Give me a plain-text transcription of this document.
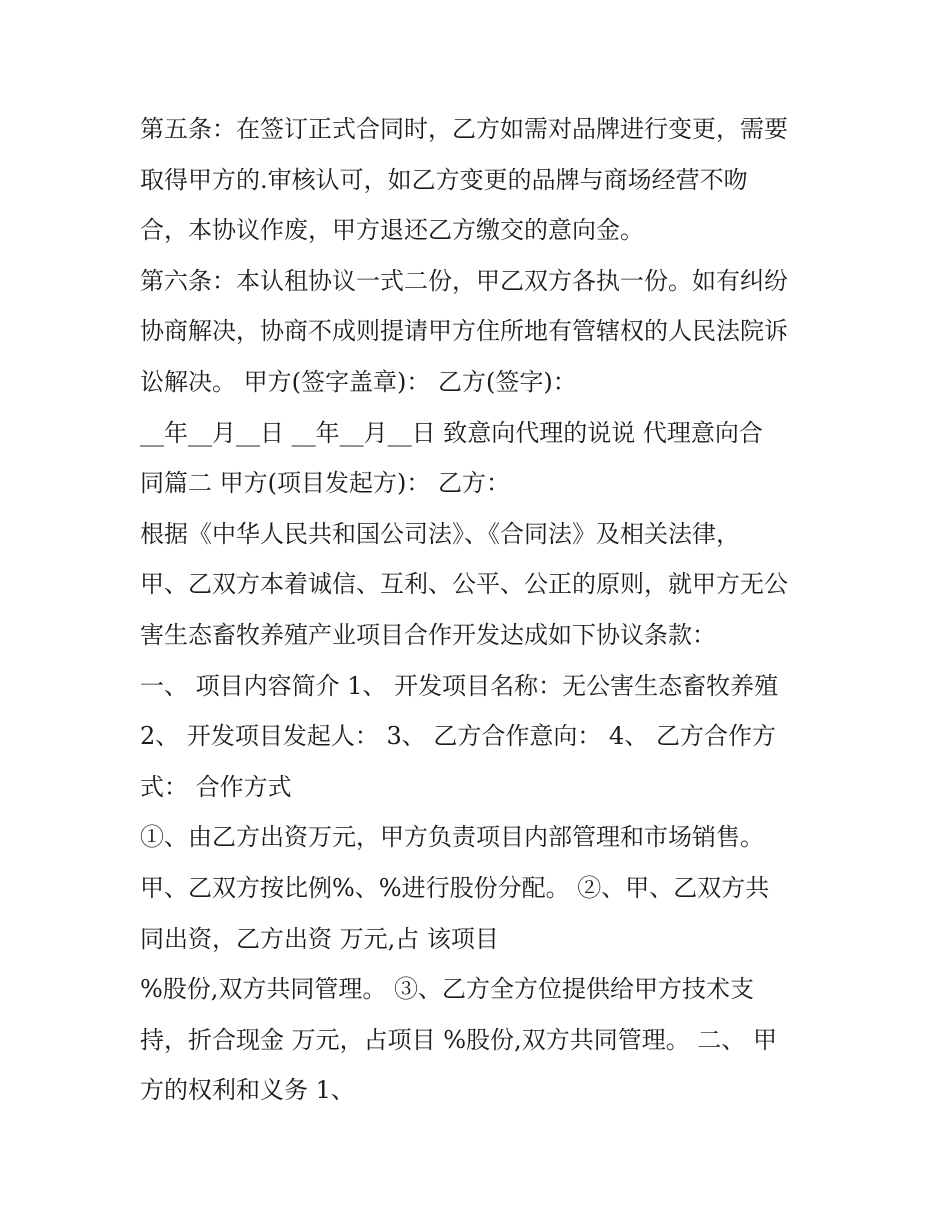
第五条：在签订正式合同时，乙方如需对品牌进行变更，需要
取得甲方的.审核认可，如乙方变更的品牌与商场经营不吻
合，本协议作废，甲方退还乙方缴交的意向金。
第六条：本认租协议一式二份，甲乙双方各执一份。如有纠纷
协商解决，协商不成则提请甲方住所地有管辖权的人民法院诉
讼解决。 甲方(签字盖章)： 乙方(签字)：
__年__月__日 __年__月__日 致意向代理的说说 代理意向合
同篇二 甲方(项目发起方)： 乙方：
根据《中华人民共和国公司法》、《合同法》及相关法律，
甲、乙双方本着诚信、互利、公平、公正的原则，就甲方无公
害生态畜牧养殖产业项目合作开发达成如下协议条款：
一、 项目内容简介 1、 开发项目名称：无公害生态畜牧养殖
2、 开发项目发起人： 3、 乙方合作意向： 4、 乙方合作方
式： 合作方式
①、由乙方出资万元，甲方负责项目内部管理和市场销售。
甲、乙双方按比例%、%进行股份分配。 ②、甲、乙双方共
同出资，乙方出资 万元,占 该项目
%股份,双方共同管理。 ③、乙方全方位提供给甲方技术支
持，折合现金 万元，占项目 %股份,双方共同管理。 二、 甲
方的权利和义务 1、
